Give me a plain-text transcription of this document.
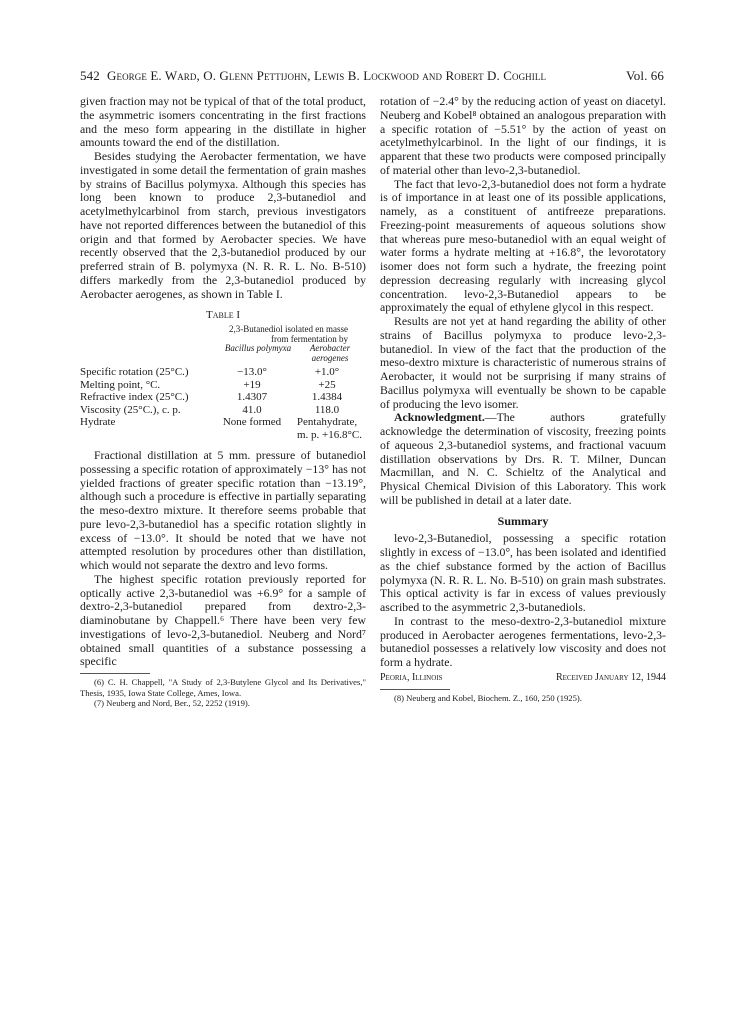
542 George E. Ward, O. Glenn Pettijohn, Lewis B. Lockwood and Robert D. Coghill	Vol. 66

given fraction may not be typical of that of the total product, the asymmetric isomers concentrating in the first fractions and the meso form appearing in the distillate in higher amounts toward the end of the distillation.

Besides studying the Aerobacter fermentation, we have investigated in some detail the fermentation of grain mashes by strains of Bacillus polymyxa. Although this species has long been known to produce 2,3-butanediol and acetylmethylcarbinol from starch, previous investigators have not reported differences between the butanediol of this origin and that formed by Aerobacter species. We have recently observed that the 2,3-butanediol produced by our preferred strain of B. polymyxa (N. R. R. L. No. B-510) differs markedly from the 2,3-butanediol produced by Aerobacter aerogenes, as shown in Table I.

Table I
2,3-Butanediol isolated en masse
from fermentation by
Bacillus polymyxa	Aerobacter aerogenes
Specific rotation (25°C.)	−13.0°	+1.0°
Melting point, °C.	+19	+25
Refractive index (25°C.)	1.4307	1.4384
Viscosity (25°C.), c. p.	41.0	118.0
Hydrate	None formed	Pentahydrate,
m. p. +16.8°C.

Fractional distillation at 5 mm. pressure of butanediol possessing a specific rotation of approximately −13° has not yielded fractions of greater specific rotation than −13.19°, although such a procedure is effective in partially separating the meso-dextro mixture. It therefore seems probable that pure levo-2,3-butanediol has a specific rotation slightly in excess of −13.0°. It should be noted that we have not attempted resolution by procedures other than distillation, which would not separate the dextro and levo forms.

The highest specific rotation previously reported for optically active 2,3-butanediol was +6.9° for a sample of dextro-2,3-butanediol prepared from dextro-2,3-diaminobutane by Chappell.⁶ There have been very few investigations of levo-2,3-butanediol. Neuberg and Nord⁷ obtained small quantities of a substance possessing a specific

(6) C. H. Chappell, "A Study of 2,3-Butylene Glycol and Its Derivatives," Thesis, 1935, Iowa State College, Ames, Iowa.

(7) Neuberg and Nord, Ber., 52, 2252 (1919).

rotation of −2.4° by the reducing action of yeast on diacetyl. Neuberg and Kobel⁸ obtained an analogous preparation with a specific rotation of −5.51° by the action of yeast on acetylmethylcarbinol. In the light of our findings, it is apparent that these two products were composed principally of material other than levo-2,3-butanediol.

The fact that levo-2,3-butanediol does not form a hydrate is of importance in at least one of its possible applications, namely, as a constituent of antifreeze preparations. Freezing-point measurements of aqueous solutions show that whereas pure meso-butanediol with an equal weight of water forms a hydrate melting at +16.8°, the levorotatory isomer does not form such a hydrate, the freezing point depression decreasing regularly with increasing glycol concentration. levo-2,3-Butanediol appears to be approximately the equal of ethylene glycol in this respect.

Results are not yet at hand regarding the ability of other strains of Bacillus polymyxa to produce levo-2,3-butanediol. In view of the fact that the production of the meso-dextro mixture is characteristic of numerous strains of Aerobacter, it would not be surprising if many strains of Bacillus polymyxa will eventually be shown to be capable of producing the levo isomer.

Acknowledgment.—The authors gratefully acknowledge the determination of viscosity, freezing points of aqueous 2,3-butanediol systems, and fractional vacuum distillation observations by Drs. R. T. Milner, Duncan Macmillan, and N. C. Schieltz of the Analytical and Physical Chemical Division of this Laboratory. This work will be published in detail at a later date.

Summary

levo-2,3-Butanediol, possessing a specific rotation slightly in excess of −13.0°, has been isolated and identified as the chief substance formed by the action of Bacillus polymyxa (N. R. R. L. No. B-510) on grain mash substrates. This optical activity is far in excess of values previously ascribed to the asymmetric 2,3-butanediols.

In contrast to the meso-dextro-2,3-butanediol mixture produced in Aerobacter aerogenes fermentations, levo-2,3-butanediol possesses a relatively low viscosity and does not form a hydrate.

Peoria, Illinois	Received January 12, 1944

(8) Neuberg and Kobel, Biochem. Z., 160, 250 (1925).
